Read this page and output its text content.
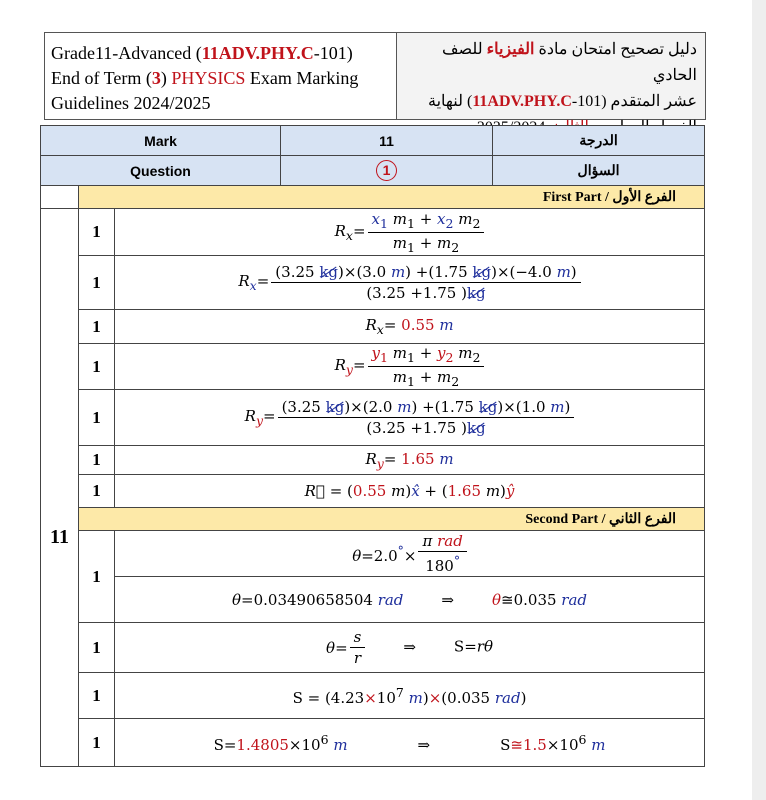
Grade11-Advanced (11ADV.PHY.C-101)
End of Term (3) PHYSICS Exam Marking
Guidelines 2024/2025
دليل تصحيح امتحان مادة الفيزياء للصف الحادي
عشر المتقدم (11ADV.PHY.C-101) لنهاية
Mark			11	الدرجة
Question			1	السؤال
	First Part / الفرع الأول			
11	1	$R_x= \frac{x_1 m_1 + x_2 m_2}{m_1 + m_2}$

	1	$R_x= \frac{(3.25 kg)\times(3.0 m) +(1.75 kg)\times(-4.0 m)}{(3.25 +1.75 )kg}$

	1	$R_x= 0.55$ m		
	1	$R_y= \frac{y_1 m_1 + y_2 m_2}{m_1 + m_2}$

	1	$R_y= \frac{(3.25 kg)\times(2.0 m) +(1.75 kg)\times(1.0 m)}{(3.25 +1.75 )kg}$

	1	$R_y= 1.65$ m		
	1	R⃗ = (0.55 m)x̂ + (1.65 m)ŷ		
	Second Part / الفرع الثاني			
	1	$\theta=2.0^\circ\times \frac{\text{π rad}}{180^\circ}$

		θ=0.03490658504 rad ⇒ θ≅0.035 rad		
	1	$\theta= \frac{s}{r}$ ⇒ S=rθ		
	1	$S = (4.23\times 10^7$ m)×(0.035 rad)		
	1	$S=1.4805\times 10^6$ m ⇒ $S≅1.5\times 10^6$ m		
